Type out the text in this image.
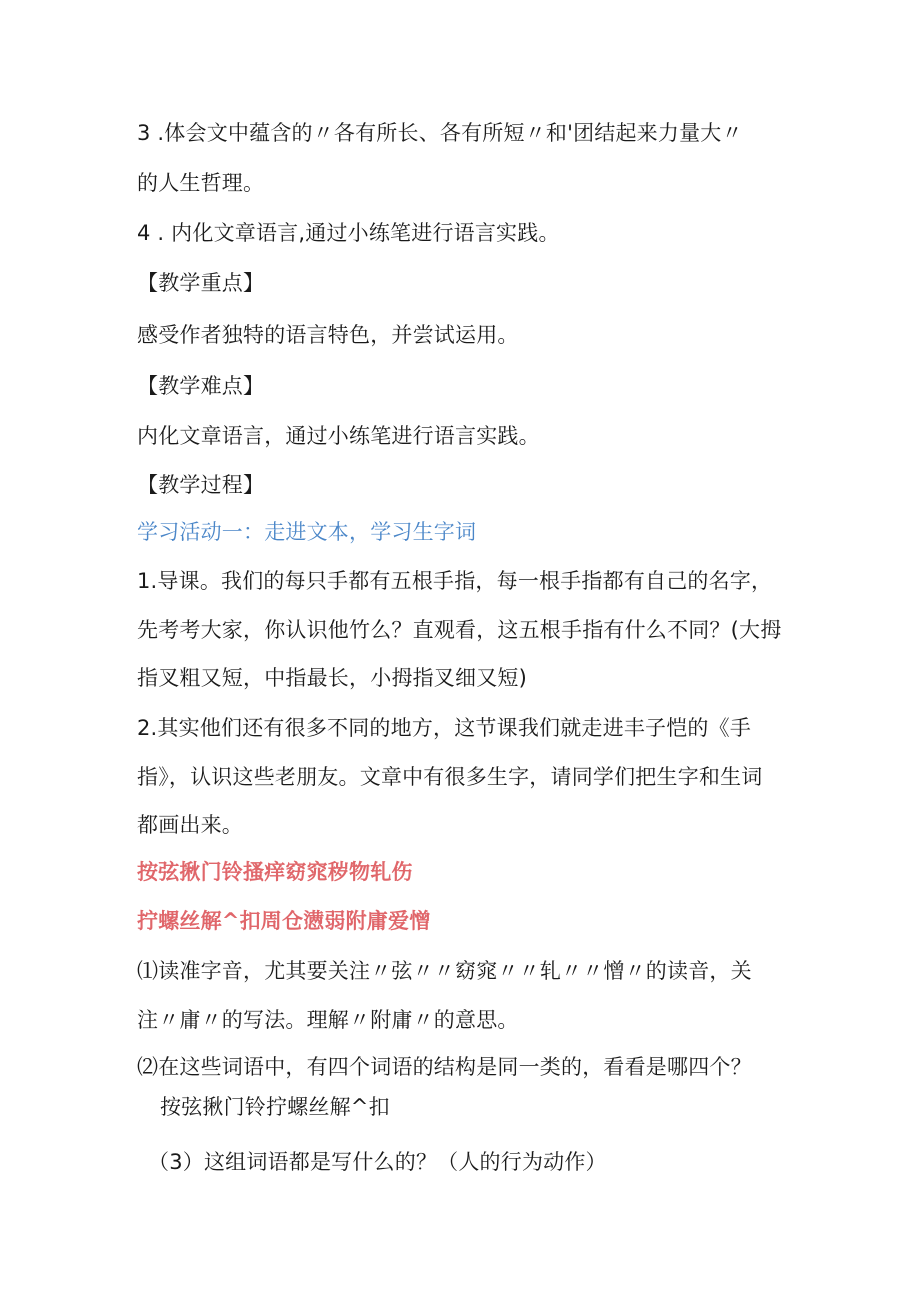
3 .体会文中蕴含的〃各有所长、各有所短〃和'团结起来力量大〃
的人生哲理。
4 . 内化文章语言,通过小练笔进行语言实践。
【教学重点】
感受作者独特的语言特色，并尝试运用。
【教学难点】
内化文章语言，通过小练笔进行语言实践。
【教学过程】
学习活动一：走进文本，学习生字词
1.导课。我们的每只手都有五根手指，每一根手指都有自己的名字，
先考考大家，你认识他竹么？直观看，这五根手指有什么不同？(大拇
指叉粗又短，中指最长，小拇指叉细又短)
2.其实他们还有很多不同的地方，这节课我们就走进丰子恺的《手
指》，认识这些老朋友。文章中有很多生字，请同学们把生字和生词
都画出来。
按弦揪门铃搔痒窈窕秽物轧伤
拧螺丝解^扣周仓懑弱附庸爱憎
⑴读准字音，尤其要关注〃弦〃〃窈窕〃〃轧〃〃憎〃的读音，关
注〃庸〃的写法。理解〃附庸〃的意思。
⑵在这些词语中，有四个词语的结构是同一类的，看看是哪四个？
按弦揪门铃拧螺丝解^扣
（3）这组词语都是写什么的？（人的行为动作）
